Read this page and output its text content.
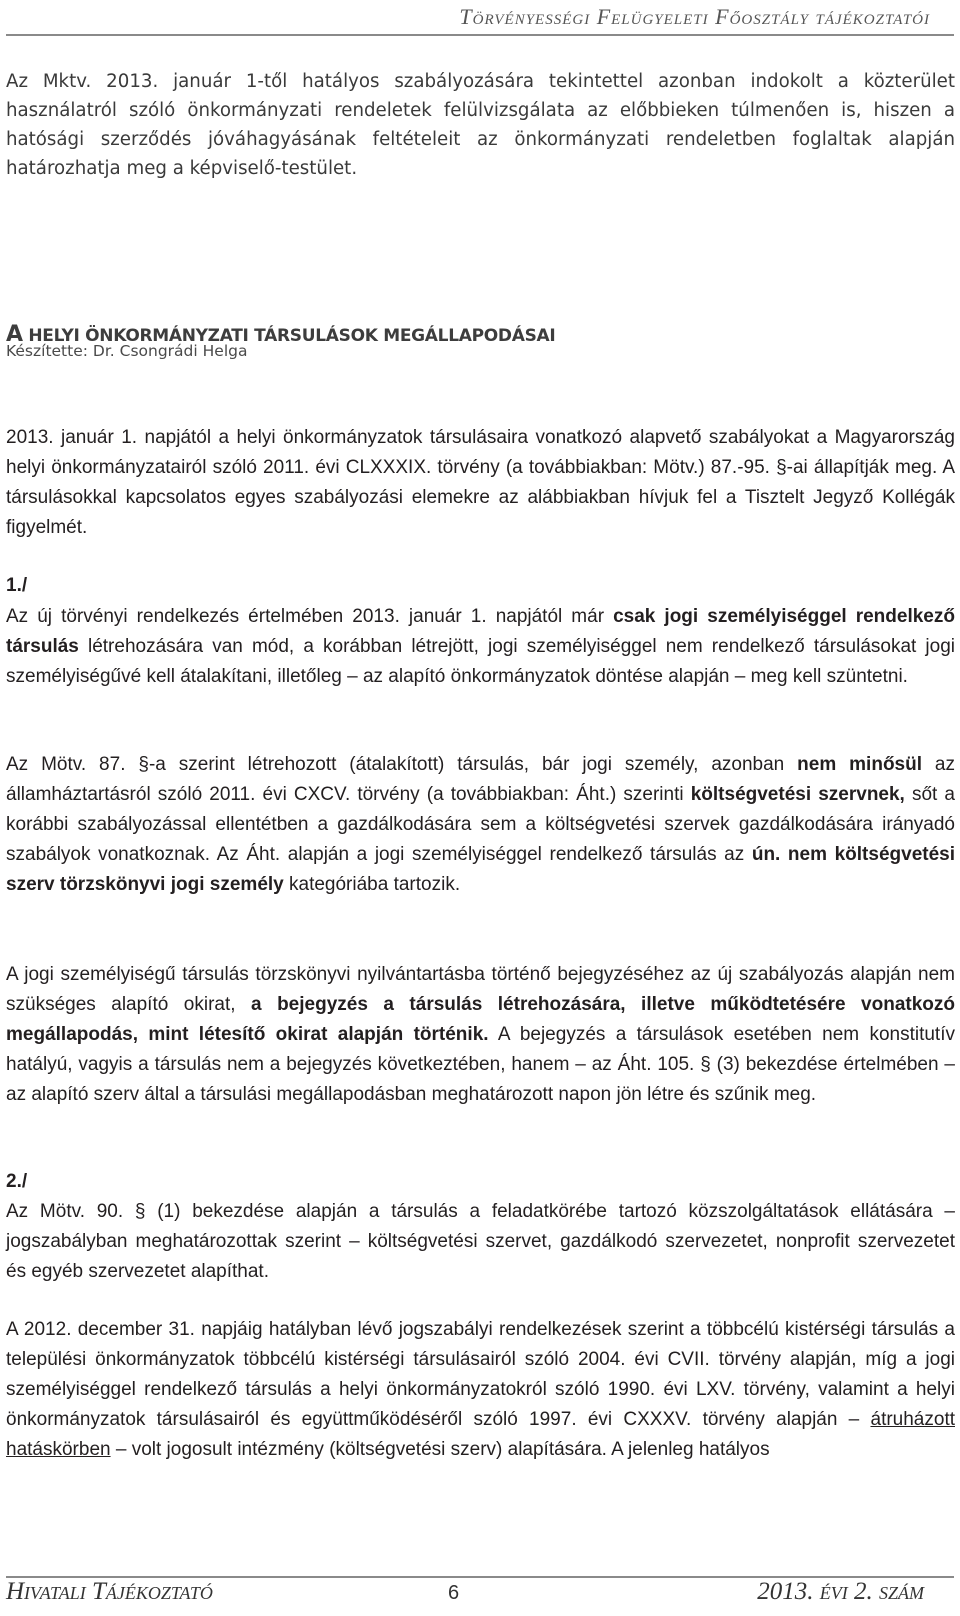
Törvényességi Felügyeleti Főosztály tájékoztatói

Az Mktv. 2013. január 1-től hatályos szabályozására tekintettel azonban indokolt a közterület használatról szóló önkormányzati rendeletek felülvizsgálata az előbbieken túlmenően is, hiszen a hatósági szerződés jóváhagyásának feltételeit az önkormányzati rendeletben foglaltak alapján határozhatja meg a képviselő-testület.

A HELYI ÖNKORMÁNYZATI TÁRSULÁSOK MEGÁLLAPODÁSAI

Készítette: Dr. Csongrádi Helga

2013. január 1. napjától a helyi önkormányzatok társulásaira vonatkozó alapvető szabályokat a Magyarország helyi önkormányzatairól szóló 2011. évi CLXXXIX. törvény (a továbbiakban: Mötv.) 87.-95. §-ai állapítják meg. A társulásokkal kapcsolatos egyes szabályozási elemekre az alábbiakban hívjuk fel a Tisztelt Jegyző Kollégák figyelmét.

1./

Az új törvényi rendelkezés értelmében 2013. január 1. napjától már csak jogi személyiséggel rendelkező társulás létrehozására van mód, a korábban létrejött, jogi személyiséggel nem rendelkező társulásokat jogi személyiségűvé kell átalakítani, illetőleg – az alapító önkormányzatok döntése alapján – meg kell szüntetni.

Az Mötv. 87. §-a szerint létrehozott (átalakított) társulás, bár jogi személy, azonban nem minősül az államháztartásról szóló 2011. évi CXCV. törvény (a továbbiakban: Áht.) szerinti költségvetési szervnek, sőt a korábbi szabályozással ellentétben a gazdálkodására sem a költségvetési szervek gazdálkodására irányadó szabályok vonatkoznak. Az Áht. alapján a jogi személyiséggel rendelkező társulás az ún. nem költségvetési szerv törzskönyvi jogi személy kategóriába tartozik.

A jogi személyiségű társulás törzskönyvi nyilvántartásba történő bejegyzéséhez az új szabályozás alapján nem szükséges alapító okirat, a bejegyzés a társulás létrehozására, illetve működtetésére vonatkozó megállapodás, mint létesítő okirat alapján történik. A bejegyzés a társulások esetében nem konstitutív hatályú, vagyis a társulás nem a bejegyzés következtében, hanem – az Áht. 105. § (3) bekezdése értelmében – az alapító szerv által a társulási megállapodásban meghatározott napon jön létre és szűnik meg.

2./

Az Mötv. 90. § (1) bekezdése alapján a társulás a feladatkörébe tartozó közszolgáltatások ellátására – jogszabályban meghatározottak szerint – költségvetési szervet, gazdálkodó szervezetet, nonprofit szervezetet és egyéb szervezetet alapíthat.

A 2012. december 31. napjáig hatályban lévő jogszabályi rendelkezések szerint a többcélú kistérségi társulás a települési önkormányzatok többcélú kistérségi társulásairól szóló 2004. évi CVII. törvény alapján, míg a jogi személyiséggel rendelkező társulás a helyi önkormányzatokról szóló 1990. évi LXV. törvény, valamint a helyi önkormányzatok társulásairól és együttműködéséről szóló 1997. évi CXXXV. törvény alapján – átruházott hatáskörben – volt jogosult intézmény (költségvetési szerv) alapítására. A jelenleg hatályos

Hivatali Tájékoztató	6	2013. évi 2. szám
